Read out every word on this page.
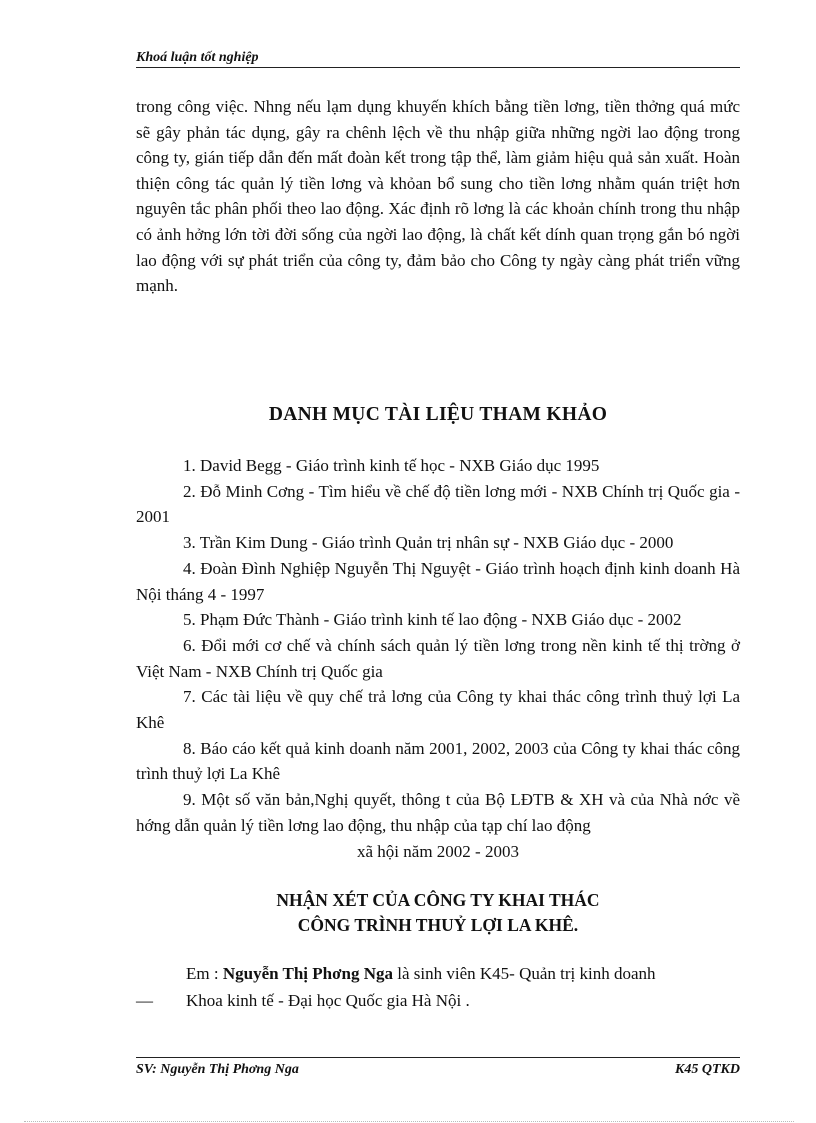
Khoá luận tốt nghiệp

trong công việc. Nhng nếu lạm dụng khuyến khích bằng tiền lơng, tiền thởng quá mức sẽ gây phản tác dụng, gây ra chênh lệch về thu nhập giữa những ngời lao động trong công ty, gián tiếp dẫn đến mất đoàn kết trong tập thể, làm giảm hiệu quả sản xuất. Hoàn thiện công tác quản lý tiền lơng và khỏan bổ sung cho tiền lơng nhằm quán triệt hơn nguyên tắc phân phối theo lao động. Xác định rõ lơng là các khoản chính trong thu nhập có ảnh hởng lớn tời đời sống của ngời lao động, là chất kết dính quan trọng gắn bó ngời lao động với sự phát triển của công ty, đảm bảo cho Công ty ngày càng phát triển vững mạnh.

DANH MỤC TÀI LIỆU THAM KHẢO

1. David Begg - Giáo trình kinh tế học - NXB Giáo dục 1995

2. Đỗ Minh Cơng - Tìm hiểu về chế độ tiền lơng mới - NXB Chính trị Quốc gia - 2001

3. Trần Kim Dung - Giáo trình Quản trị nhân sự - NXB Giáo dục - 2000

4. Đoàn Đình Nghiệp Nguyễn Thị Nguyệt - Giáo trình hoạch định kinh doanh Hà Nội tháng 4 - 1997

5. Phạm Đức Thành - Giáo trình kinh tế lao động - NXB Giáo dục - 2002

6. Đổi mới cơ chế và chính sách quản lý tiền lơng trong nền kinh tế thị trờng ở Việt Nam - NXB Chính trị Quốc gia

7. Các tài liệu về quy chế trả lơng của Công ty khai thác công trình thuỷ lợi La Khê

8. Báo cáo kết quả kinh doanh năm 2001, 2002, 2003 của Công ty khai thác công trình thuỷ lợi La Khê

9. Một số văn bản,Nghị quyết, thông t của Bộ LĐTB & XH và của Nhà nớc về hớng dẫn quản lý tiền lơng lao động, thu nhập của tạp chí lao động

xã hội năm 2002 - 2003

NHẬN XÉT CỦA CÔNG TY KHAI THÁC
CÔNG TRÌNH THUỶ LỢI LA KHÊ.

Em : Nguyễn Thị Phơng Nga là sinh viên K45- Quản trị kinh doanh

—	Khoa kinh tế - Đại học Quốc gia Hà Nội .

SV: Nguyễn Thị Phơng Nga	K45 QTKD
